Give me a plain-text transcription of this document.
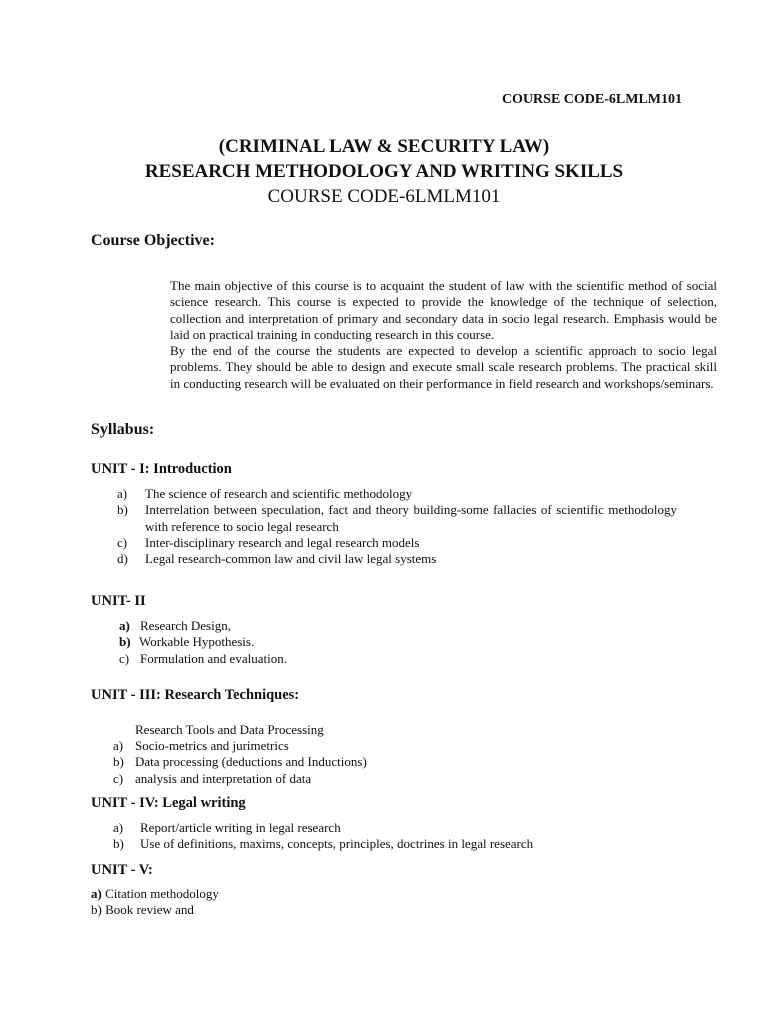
COURSE CODE-6LMLM101
(CRIMINAL LAW & SECURITY LAW)
RESEARCH METHODOLOGY AND WRITING SKILLS
COURSE CODE-6LMLM101
Course Objective:

The main objective of this course is to acquaint the student of law with the scientific method of social science research. This course is expected to provide the knowledge of the technique of selection, collection and interpretation of primary and secondary data in socio legal research. Emphasis would be laid on practical training in conducting research in this course.

By the end of the course the students are expected to develop a scientific approach to socio legal problems. They should be able to design and execute small scale research problems. The practical skill in conducting research will be evaluated on their performance in field research and workshops/seminars.

Syllabus:
UNIT - I: Introduction
a) The science of research and scientific methodology
b) Interrelation between speculation, fact and theory building-some fallacies of scientific methodology with reference to socio legal research
c) Inter-disciplinary research and legal research models
d) Legal research-common law and civil law legal systems
UNIT- II
a) Research Design,
b) Workable Hypothesis.
c) Formulation and evaluation.
UNIT - III: Research Techniques:
Research Tools and Data Processing
a) Socio-metrics and jurimetrics
b) Data processing (deductions and Inductions)
c) analysis and interpretation of data
UNIT - IV: Legal writing
a) Report/article writing in legal research
b) Use of definitions, maxims, concepts, principles, doctrines in legal research
UNIT - V:
a) Citation methodology
b) Book review and
